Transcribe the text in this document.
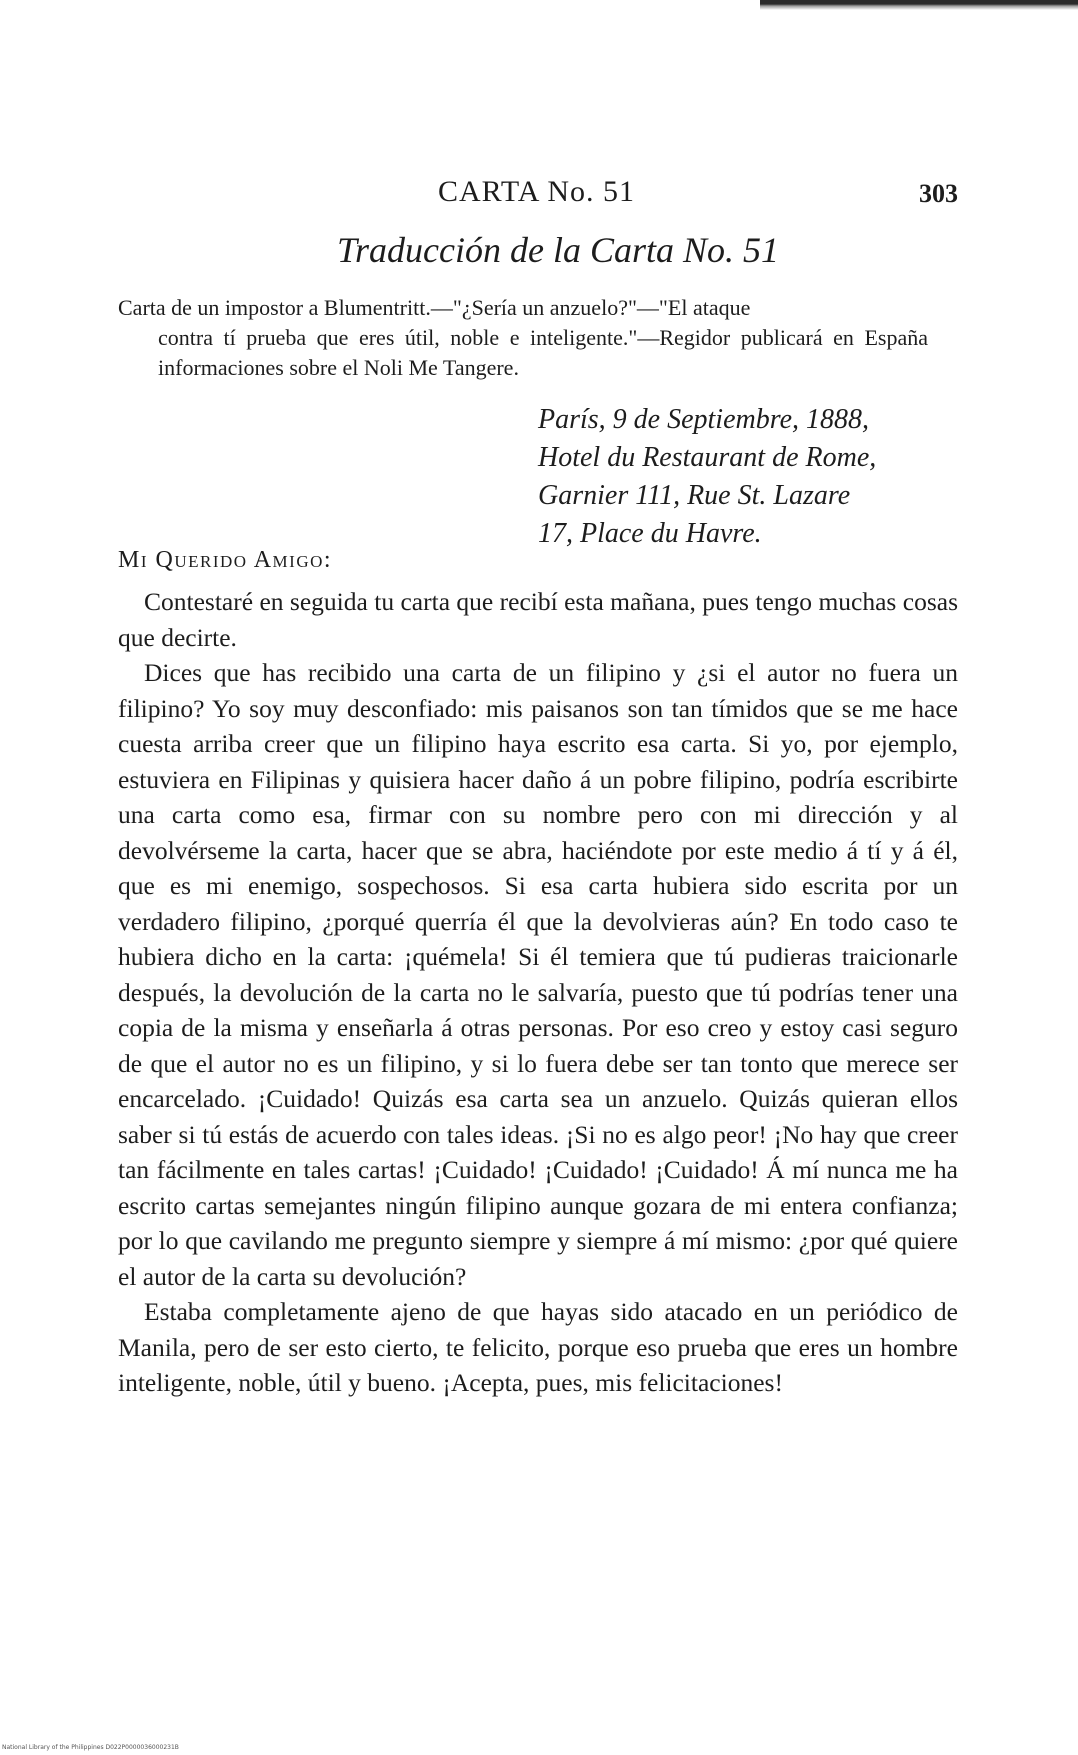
CARTA No. 51	303
Traducción de la Carta No. 51
Carta de un impostor a Blumentritt.—"¿Sería un anzuelo?"—"El ataque
contra tí prueba que eres útil, noble e inteligente."—Regidor publicará en España informaciones sobre el Noli Me Tangere.
París, 9 de Septiembre, 1888,
Hotel du Restaurant de Rome,
Garnier 111, Rue St. Lazare
17, Place du Havre.
Mi Querido Amigo:

Contestaré en seguida tu carta que recibí esta mañana, pues tengo muchas cosas que decirte.

Dices que has recibido una carta de un filipino y ¿si el autor no fuera un filipino? Yo soy muy desconfiado: mis paisanos son tan tímidos que se me hace cuesta arriba creer que un filipino haya escrito esa carta. Si yo, por ejemplo, estuviera en Filipinas y quisiera hacer daño á un pobre filipino, podría escribirte una carta como esa, firmar con su nombre pero con mi dirección y al devolvérseme la carta, hacer que se abra, haciéndote por este medio á tí y á él, que es mi enemigo, sospechosos. Si esa carta hubiera sido escrita por un verdadero filipino, ¿porqué querría él que la devolvieras aún? En todo caso te hubiera dicho en la carta: ¡quémela! Si él temiera que tú pudieras traicionarle después, la devolución de la carta no le salvaría, puesto que tú podrías tener una copia de la misma y enseñarla á otras personas. Por eso creo y estoy casi seguro de que el autor no es un filipino, y si lo fuera debe ser tan tonto que merece ser encarcelado. ¡Cuidado! Quizás esa carta sea un anzuelo. Quizás quieran ellos saber si tú estás de acuerdo con tales ideas. ¡Si no es algo peor! ¡No hay que creer tan fácilmente en tales cartas! ¡Cuidado! ¡Cuidado! ¡Cuidado! Á mí nunca me ha escrito cartas semejantes ningún filipino aunque gozara de mi entera confianza; por lo que cavilando me pregunto siempre y siempre á mí mismo: ¿por qué quiere el autor de la carta su devolución?

Estaba completamente ajeno de que hayas sido atacado en un periódico de Manila, pero de ser esto cierto, te felicito, porque eso prueba que eres un hombre inteligente, noble, útil y bueno. ¡Acepta, pues, mis felicitaciones!

National Library of the Philippines D022P0000036000231B
